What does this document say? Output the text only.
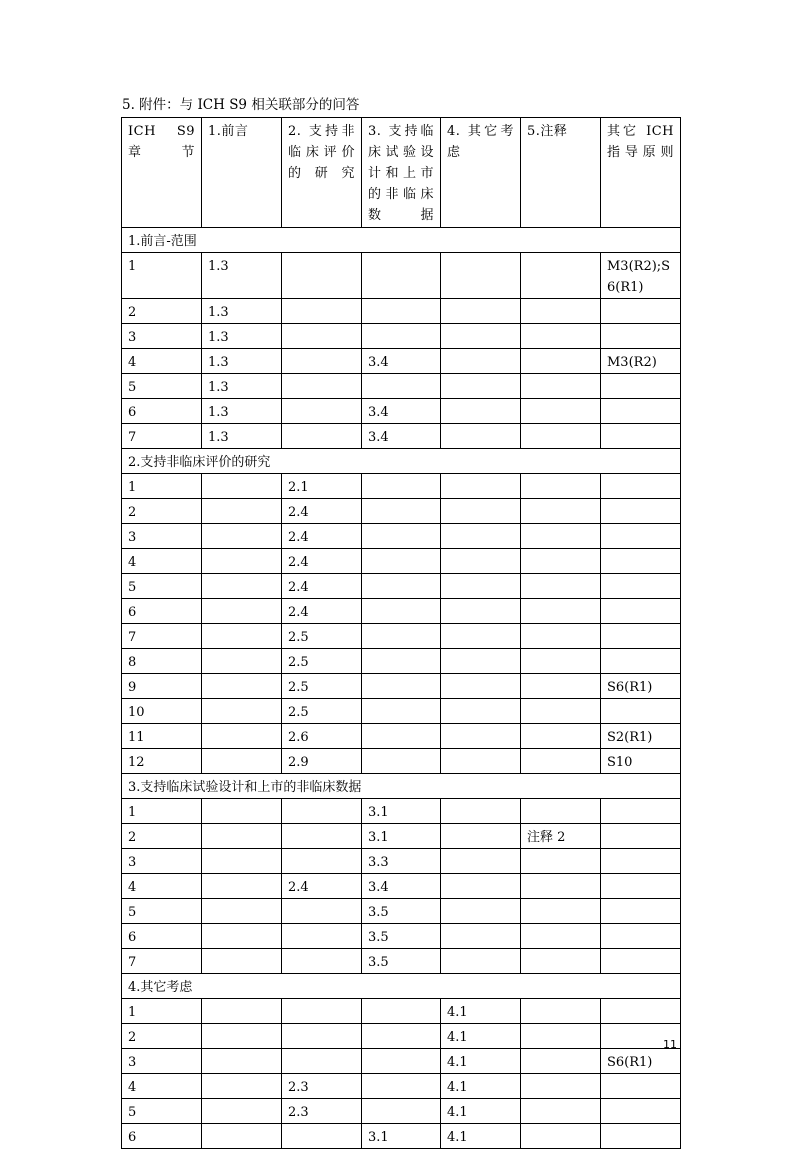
5. 附件：与 ICH S9 相关联部分的问答
ICH S9 章节	1.前言	2. 支持非临床评价的研究	3. 支持临床试验设计和上市的非临床数据	4. 其它考虑	5.注释	其它 ICH 指导原则
1.前言-范围						
1	1.3					M3(R2);S6(R1)
2	1.3					
3	1.3					
4	1.3		3.4			M3(R2)
5	1.3					
6	1.3		3.4			
7	1.3		3.4			
2.支持非临床评价的研究						
1		2.1				
2		2.4				
3		2.4				
4		2.4				
5		2.4				
6		2.4				
7		2.5				
8		2.5				
9		2.5				S6(R1)
10		2.5				
11		2.6				S2(R1)
12		2.9				S10
3.支持临床试验设计和上市的非临床数据						
1			3.1			
2			3.1		注释 2	
3			3.3			
4		2.4	3.4			
5			3.5			
6			3.5			
7			3.5			
4.其它考虑						
1				4.1		
2				4.1		
3				4.1		S6(R1)
4		2.3		4.1		
5		2.3		4.1		
6			3.1	4.1		
11
